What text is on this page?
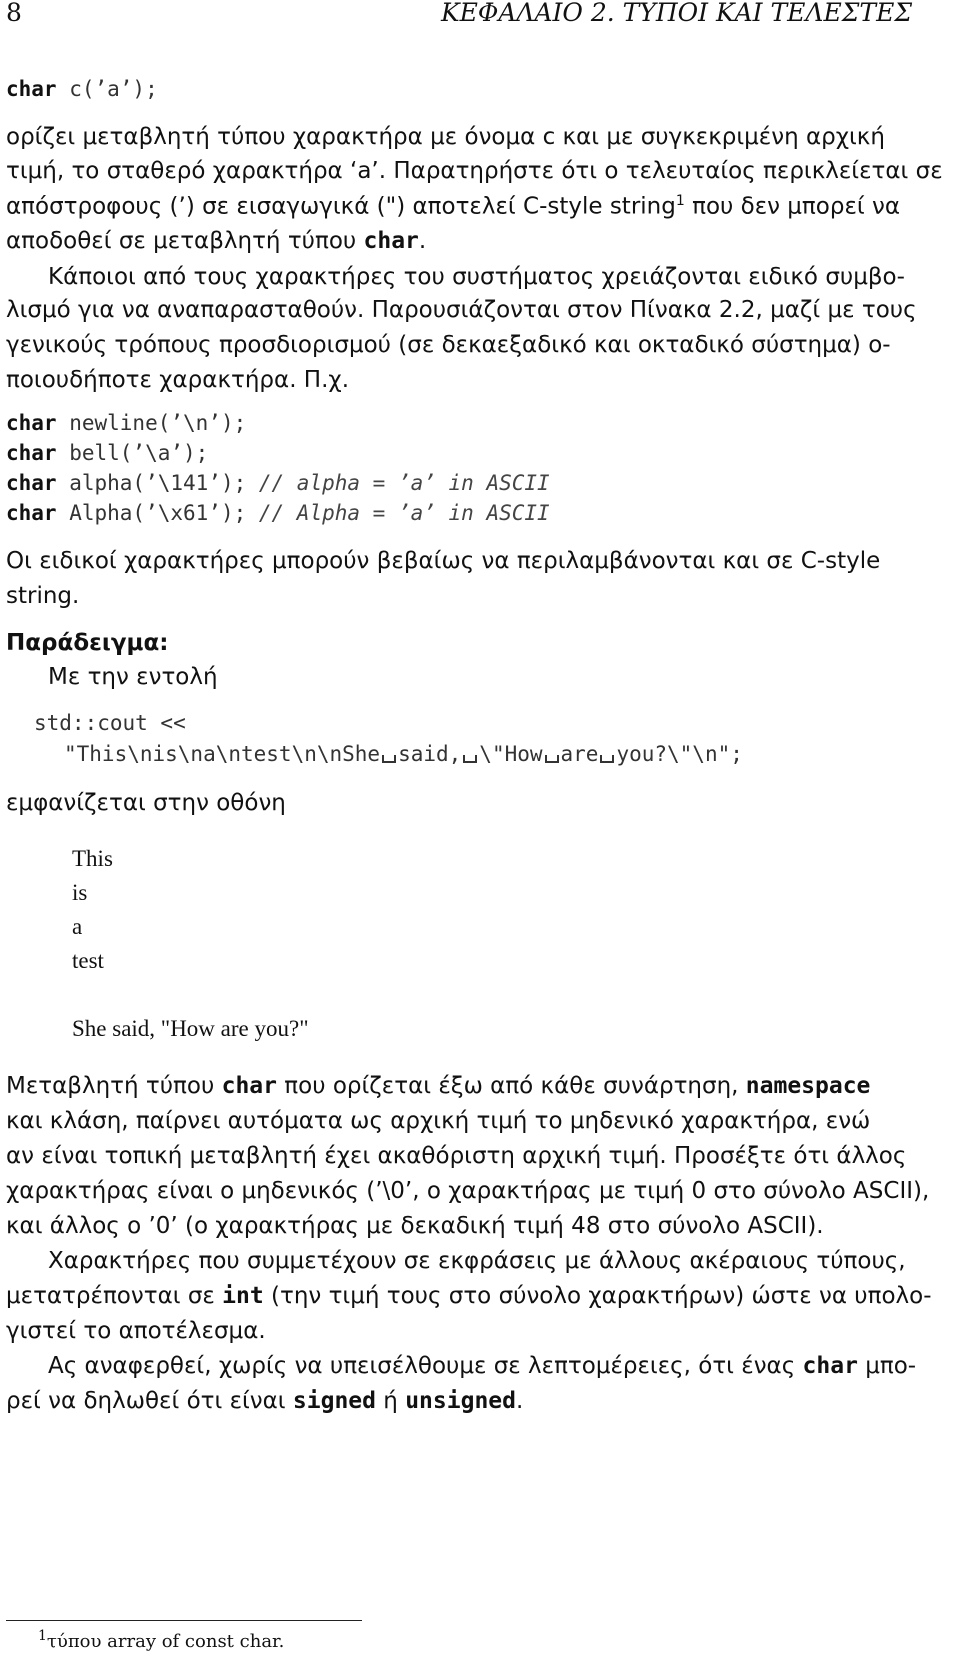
8	ΚΕΦΑΛΑΙΟ 2. ΤΥΠΟΙ ΚΑΙ ΤΕΛΕΣΤΕΣ
char c(’a’);
ορίζει μεταβλητή τύπου χαρακτήρα με όνομα c και με συγκεκριμένη αρχική
τιμή, το σταθερό χαρακτήρα ‘a’. Παρατηρήστε ότι ο τελευταίος περικλείεται σε
απόστροφους (’) σε εισαγωγικά (") αποτελεί C-style string$^1$ που δεν μπορεί να
αποδοθεί σε μεταβλητή τύπου char.
Κάποιοι από τους χαρακτήρες του συστήματος χρειάζονται ειδικό συμβο-
λισμό για να αναπαρασταθούν. Παρουσιάζονται στον Πίνακα 2.2, μαζί με τους
γενικούς τρόπους προσδιορισμού (σε δεκαεξαδικό και οκταδικό σύστημα) ο-
ποιουδήποτε χαρακτήρα. Π.χ.
char newline(’\n’);
char bell(’\a’);
char alpha(’\141’); // alpha = ’a’ in ASCII
char Alpha(’\x61’); // Alpha = ’a’ in ASCII
Οι ειδικοί χαρακτήρες μπορούν βεβαίως να περιλαμβάνονται και σε C-style
string.
Παράδειγμα:
Με την εντολή
std::cout <<
"This\nis\na\ntest\n\nShe said, \"How are you?\"\n";
εμφανίζεται στην οθόνη
This
is
a
test
She said, "How are you?"
Μεταβλητή τύπου char που ορίζεται έξω από κάθε συνάρτηση, namespace
και κλάση, παίρνει αυτόματα ως αρχική τιμή το μηδενικό χαρακτήρα, ενώ
αν είναι τοπική μεταβλητή έχει ακαθόριστη αρχική τιμή. Προσέξτε ότι άλλος
χαρακτήρας είναι ο μηδενικός (’\0’, ο χαρακτήρας με τιμή 0 στο σύνολο ASCII),
και άλλος ο ’0’ (ο χαρακτήρας με δεκαδική τιμή 48 στο σύνολο ASCII).
Χαρακτήρες που συμμετέχουν σε εκφράσεις με άλλους ακέραιους τύπους,
μετατρέπονται σε int (την τιμή τους στο σύνολο χαρακτήρων) ώστε να υπολο-
γιστεί το αποτέλεσμα.
Ας αναφερθεί, χωρίς να υπεισέλθουμε σε λεπτομέρειες, ότι ένας char μπο-
ρεί να δηλωθεί ότι είναι signed ή unsigned.
$^1$τύπου array of const char.
